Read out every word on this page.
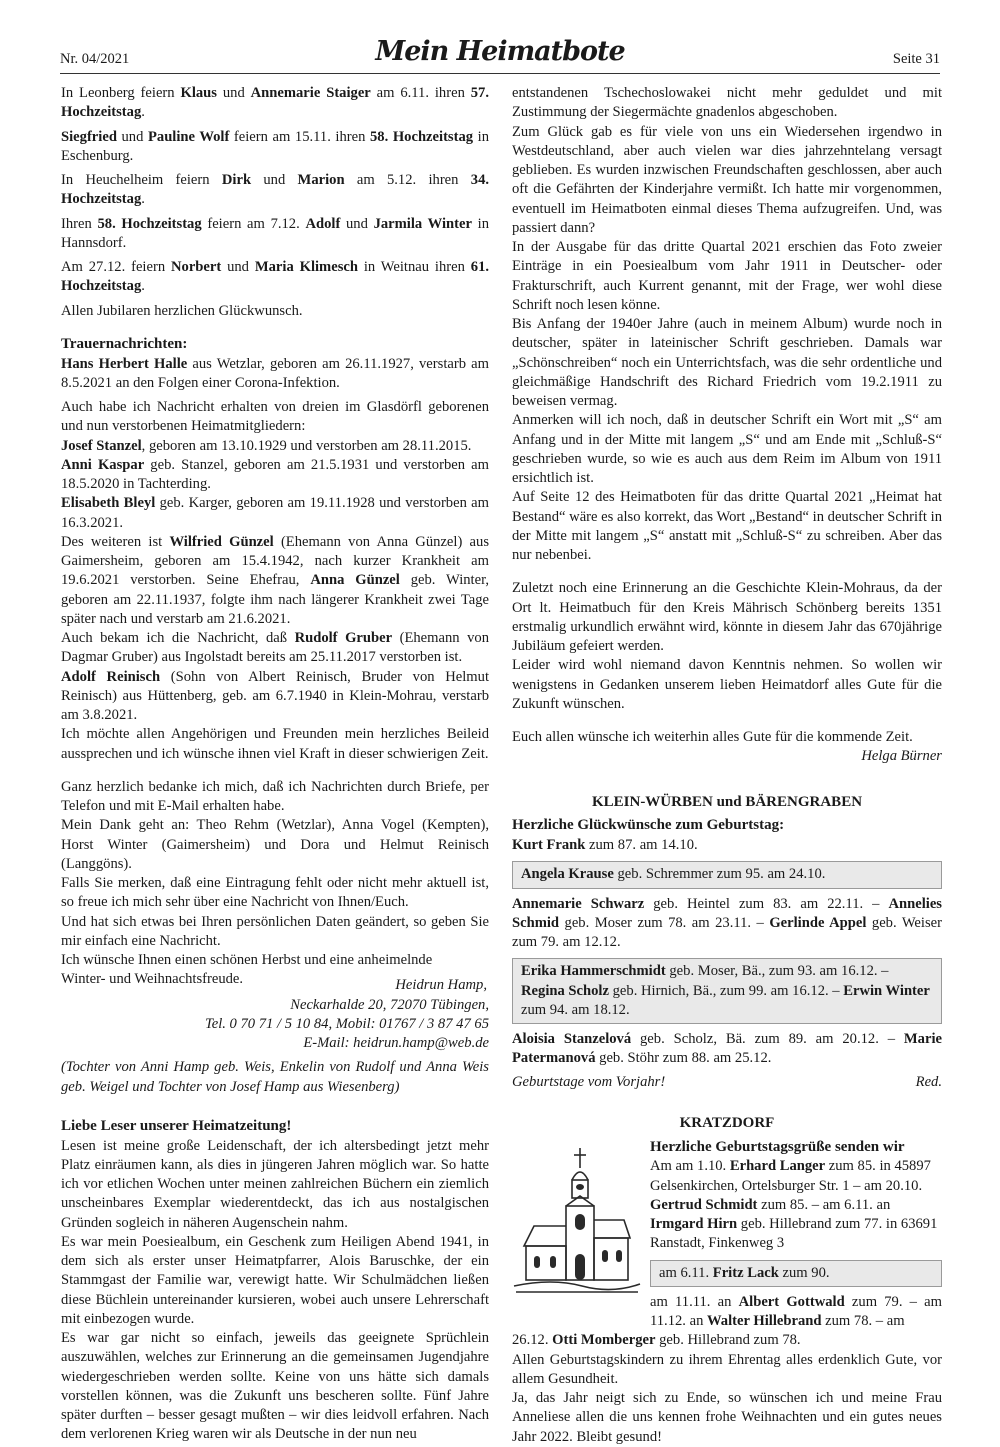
Nr. 04/2021	Mein Heimatbote	Seite 31

In Leonberg feiern Klaus und Annemarie Staiger am 6.11. ihren 57. Hochzeitstag.

Siegfried und Pauline Wolf feiern am 15.11. ihren 58. Hochzeitstag in Eschenburg.

In Heuchelheim feiern Dirk und Marion am 5.12. ihren 34. Hochzeitstag.

Ihren 58. Hochzeitstag feiern am 7.12. Adolf und Jarmila Winter in Hannsdorf.

Am 27.12. feiern Norbert und Maria Klimesch in Weitnau ihren 61. Hochzeitstag.

Allen Jubilaren herzlichen Glückwunsch.

Trauernachrichten:

Hans Herbert Halle aus Wetzlar, geboren am 26.11.1927, verstarb am 8.5.2021 an den Folgen einer Corona-Infektion.

Auch habe ich Nachricht erhalten von dreien im Glasdörfl geborenen und nun verstorbenen Heimatmitgliedern:

Josef Stanzel, geboren am 13.10.1929 und verstorben am 28.11.2015.

Anni Kaspar geb. Stanzel, geboren am 21.5.1931 und verstorben am 18.5.2020 in Tachterding.

Elisabeth Bleyl geb. Karger, geboren am 19.11.1928 und verstorben am 16.3.2021.

Des weiteren ist Wilfried Günzel (Ehemann von Anna Günzel) aus Gaimersheim, geboren am 15.4.1942, nach kurzer Krankheit am 19.6.2021 verstorben. Seine Ehefrau, Anna Günzel geb. Winter, geboren am 22.11.1937, folgte ihm nach längerer Krankheit zwei Tage später nach und verstarb am 21.6.2021.

Auch bekam ich die Nachricht, daß Rudolf Gruber (Ehemann von Dagmar Gruber) aus Ingolstadt bereits am 25.11.2017 verstorben ist.

Adolf Reinisch (Sohn von Albert Reinisch, Bruder von Helmut Reinisch) aus Hüttenberg, geb. am 6.7.1940 in Klein-Mohrau, verstarb am 3.8.2021.

Ich möchte allen Angehörigen und Freunden mein herzliches Beileid aussprechen und ich wünsche ihnen viel Kraft in dieser schwierigen Zeit.

Ganz herzlich bedanke ich mich, daß ich Nachrichten durch Briefe, per Telefon und mit E-Mail erhalten habe.

Mein Dank geht an: Theo Rehm (Wetzlar), Anna Vogel (Kempten), Horst Winter (Gaimersheim) und Dora und Helmut Reinisch (Langgöns).

Falls Sie merken, daß eine Eintragung fehlt oder nicht mehr aktuell ist, so freue ich mich sehr über eine Nachricht von Ihnen/Euch.

Und hat sich etwas bei Ihren persönlichen Daten geändert, so geben Sie mir einfach eine Nachricht.

Ich wünsche Ihnen einen schönen Herbst und eine anheimelnde

Winter- und Weihnachtsfreude.	Heidrun Hamp,

Neckarhalde 20, 72070 Tübingen,

Tel. 0 70 71 / 5 10 84, Mobil: 01767 / 3 87 47 65

E-Mail: heidrun.hamp@web.de

(Tochter von Anni Hamp geb. Weis, Enkelin von Rudolf und Anna Weis geb. Weigel und Tochter von Josef Hamp aus Wiesenberg)

Liebe Leser unserer Heimatzeitung!

Lesen ist meine große Leidenschaft, der ich altersbedingt jetzt mehr Platz einräumen kann, als dies in jüngeren Jahren möglich war. So hatte ich vor etlichen Wochen unter meinen zahlreichen Büchern ein ziemlich unscheinbares Exemplar wiederentdeckt, das ich aus nostalgischen Gründen sogleich in näheren Augenschein nahm.

Es war mein Poesiealbum, ein Geschenk zum Heiligen Abend 1941, in dem sich als erster unser Heimatpfarrer, Alois Baruschke, der ein Stammgast der Familie war, verewigt hatte. Wir Schulmädchen ließen diese Büchlein untereinander kursieren, wobei auch unsere Lehrerschaft mit einbezogen wurde.

Es war gar nicht so einfach, jeweils das geeignete Sprüchlein auszuwählen, welches zur Erinnerung an die gemeinsamen Jugendjahre wiedergeschrieben werden sollte. Keine von uns hätte sich damals vorstellen können, was die Zukunft uns bescheren sollte. Fünf Jahre später durften – besser gesagt mußten – wir dies leidvoll erfahren. Nach dem verlorenen Krieg waren wir als Deutsche in der nun neu

entstandenen Tschechoslowakei nicht mehr geduldet und mit Zustimmung der Siegermächte gnadenlos abgeschoben.

Zum Glück gab es für viele von uns ein Wiedersehen irgendwo in Westdeutschland, aber auch vielen war dies jahrzehntelang versagt geblieben. Es wurden inzwischen Freundschaften geschlossen, aber auch oft die Gefährten der Kinderjahre vermißt. Ich hatte mir vorgenommen, eventuell im Heimatboten einmal dieses Thema aufzugreifen. Und, was passiert dann?

In der Ausgabe für das dritte Quartal 2021 erschien das Foto zweier Einträge in ein Poesiealbum vom Jahr 1911 in Deutscher- oder Frakturschrift, auch Kurrent genannt, mit der Frage, wer wohl diese Schrift noch lesen könne.

Bis Anfang der 1940er Jahre (auch in meinem Album) wurde noch in deutscher, später in lateinischer Schrift geschrieben. Damals war „Schönschreiben“ noch ein Unterrichtsfach, was die sehr ordentliche und gleichmäßige Handschrift des Richard Friedrich vom 19.2.1911 zu beweisen vermag.

Anmerken will ich noch, daß in deutscher Schrift ein Wort mit „S“ am Anfang und in der Mitte mit langem „S“ und am Ende mit „Schluß-S“ geschrieben wurde, so wie es auch aus dem Reim im Album von 1911 ersichtlich ist.

Auf Seite 12 des Heimatboten für das dritte Quartal 2021 „Heimat hat Bestand“ wäre es also korrekt, das Wort „Bestand“ in deutscher Schrift in der Mitte mit langem „S“ anstatt mit „Schluß-S“ zu schreiben. Aber das nur nebenbei.

Zuletzt noch eine Erinnerung an die Geschichte Klein-Mohraus, da der Ort lt. Heimatbuch für den Kreis Mährisch Schönberg bereits 1351 erstmalig urkundlich erwähnt wird, könnte in diesem Jahr das 670jährige Jubiläum gefeiert werden.

Leider wird wohl niemand davon Kenntnis nehmen. So wollen wir wenigstens in Gedanken unserem lieben Heimatdorf alles Gute für die Zukunft wünschen.

Euch allen wünsche ich weiterhin alles Gute für die kommende Zeit.

Helga Bürner

KLEIN-WÜRBEN und BÄRENGRABEN

Herzliche Glückwünsche zum Geburtstag:

Kurt Frank zum 87. am 14.10.

Angela Krause geb. Schremmer zum 95. am 24.10.

Annemarie Schwarz geb. Heintel zum 83. am 22.11. – Annelies Schmid geb. Moser zum 78. am 23.11. – Gerlinde Appel geb. Weiser zum 79. am 12.12.

Erika Hammerschmidt geb. Moser, Bä., zum 93. am 16.12. – Regina Scholz geb. Hirnich, Bä., zum 99. am 16.12. – Erwin Winter zum 94. am 18.12.

Aloisia Stanzelová geb. Scholz, Bä. zum 89. am 20.12. – Marie Patermanová geb. Stöhr zum 88. am 25.12.

Geburtstage vom Vorjahr!	Red.

KRATZDORF

Herzliche Geburtstagsgrüße senden wir

Am am 1.10. Erhard Langer zum 85. in 45897 Gelsenkirchen, Ortelsburger Str. 1 – am 20.10. Gertrud Schmidt zum 85. – am 6.11. an Irmgard Hirn geb. Hillebrand zum 77. in 63691 Ranstadt, Finkenweg 3

am 6.11. Fritz Lack zum 90.

am 11.11. an Albert Gottwald zum 79. – am 11.12. an Walter Hillebrand zum 78. – am

26.12. Otti Momberger geb. Hillebrand zum 78.

Allen Geburtstagskindern zu ihrem Ehrentag alles erdenklich Gute, vor allem Gesundheit.

Ja, das Jahr neigt sich zu Ende, so wünschen ich und meine Frau Anneliese allen die uns kennen frohe Weihnachten und ein gutes neues Jahr 2022. Bleibt gesund!
